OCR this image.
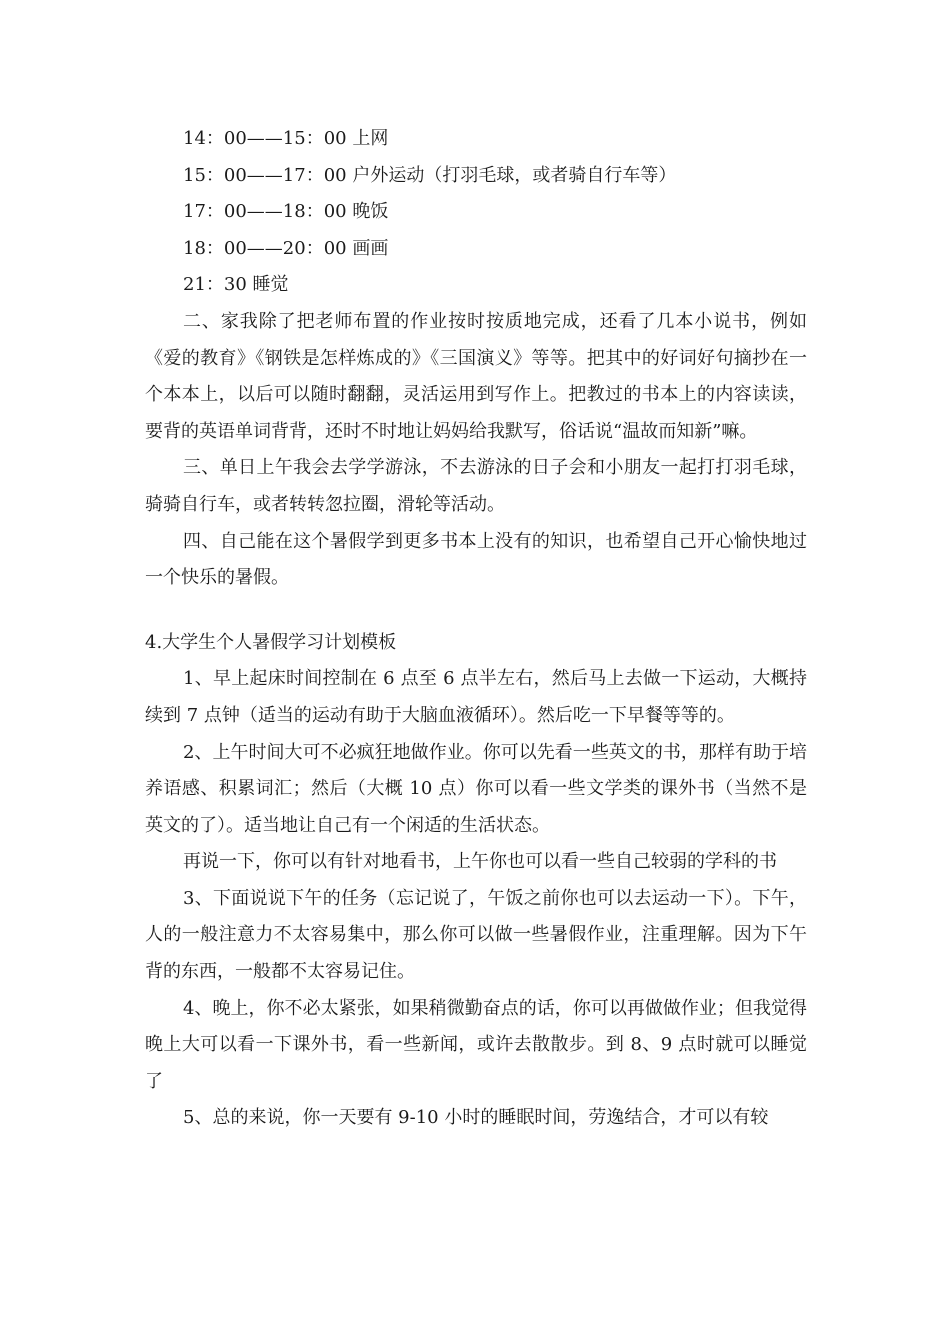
14：00——15：00 上网

15：00——17：00 户外运动（打羽毛球，或者骑自行车等）

17：00——18：00 晚饭

18：00——20：00 画画

21：30 睡觉

二、家我除了把老师布置的作业按时按质地完成，还看了几本小说书，例如《爱的教育》《钢铁是怎样炼成的》《三国演义》等等。把其中的好词好句摘抄在一个本本上，以后可以随时翻翻，灵活运用到写作上。把教过的书本上的内容读读，要背的英语单词背背，还时不时地让妈妈给我默写，俗话说“温故而知新”嘛。

三、单日上午我会去学学游泳，不去游泳的日子会和小朋友一起打打羽毛球，骑骑自行车，或者转转忽拉圈，滑轮等活动。

四、自己能在这个暑假学到更多书本上没有的知识，也希望自己开心愉快地过一个快乐的暑假。

4.大学生个人暑假学习计划模板

1、早上起床时间控制在 6 点至 6 点半左右，然后马上去做一下运动，大概持续到 7 点钟（适当的运动有助于大脑血液循环）。然后吃一下早餐等等的。

2、上午时间大可不必疯狂地做作业。你可以先看一些英文的书，那样有助于培养语感、积累词汇；然后（大概 10 点）你可以看一些文学类的课外书（当然不是英文的了）。适当地让自己有一个闲适的生活状态。

再说一下，你可以有针对地看书，上午你也可以看一些自己较弱的学科的书

3、下面说说下午的任务（忘记说了，午饭之前你也可以去运动一下）。下午，人的一般注意力不太容易集中，那么你可以做一些暑假作业，注重理解。因为下午背的东西，一般都不太容易记住。

4、晚上，你不必太紧张，如果稍微勤奋点的话，你可以再做做作业；但我觉得晚上大可以看一下课外书，看一些新闻，或许去散散步。到 8、9 点时就可以睡觉了

5、总的来说，你一天要有 9-10 小时的睡眠时间，劳逸结合，才可以有较
